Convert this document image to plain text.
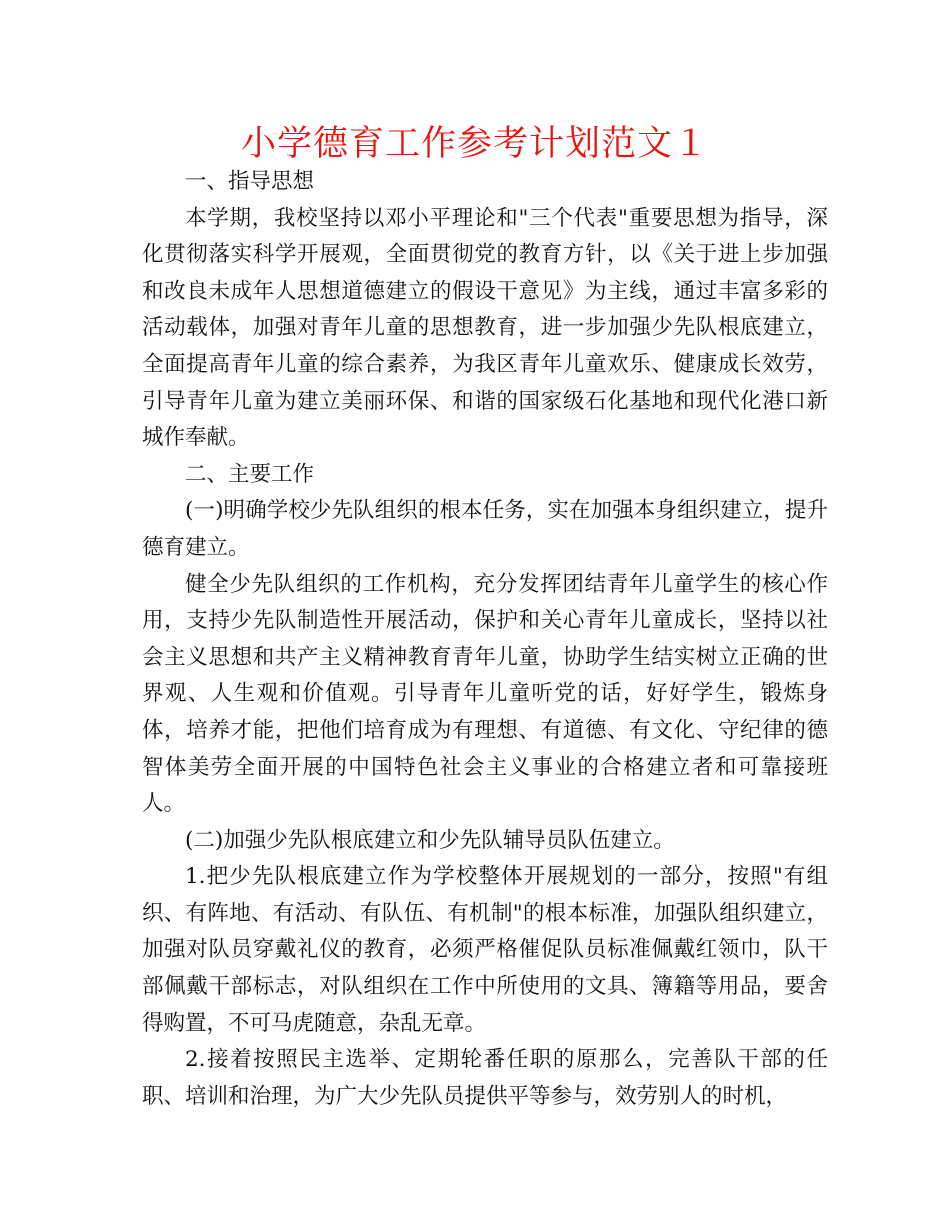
小学德育工作参考计划范文１

一、指导思想

本学期，我校坚持以邓小平理论和"三个代表"重要思想为指导，深化贯彻落实科学开展观，全面贯彻党的教育方针，以《关于进上步加强和改良未成年人思想道德建立的假设干意见》为主线，通过丰富多彩的活动载体，加强对青年儿童的思想教育，进一步加强少先队根底建立，全面提高青年儿童的综合素养，为我区青年儿童欢乐、健康成长效劳，引导青年儿童为建立美丽环保、和谐的国家级石化基地和现代化港口新城作奉献。

二、主要工作

(一)明确学校少先队组织的根本任务，实在加强本身组织建立，提升德育建立。

健全少先队组织的工作机构，充分发挥团结青年儿童学生的核心作用，支持少先队制造性开展活动，保护和关心青年儿童成长，坚持以社会主义思想和共产主义精神教育青年儿童，协助学生结实树立正确的世界观、人生观和价值观。引导青年儿童听党的话，好好学生，锻炼身体，培养才能，把他们培育成为有理想、有道德、有文化、守纪律的德智体美劳全面开展的中国特色社会主义事业的合格建立者和可靠接班人。

(二)加强少先队根底建立和少先队辅导员队伍建立。

1.把少先队根底建立作为学校整体开展规划的一部分，按照"有组织、有阵地、有活动、有队伍、有机制"的根本标准，加强队组织建立，加强对队员穿戴礼仪的教育，必须严格催促队员标准佩戴红领巾，队干部佩戴干部标志，对队组织在工作中所使用的文具、簿籍等用品，要舍得购置，不可马虎随意，杂乱无章。

2.接着按照民主选举、定期轮番任职的原那么，完善队干部的任职、培训和治理，为广大少先队员提供平等参与，效劳别人的时机，
